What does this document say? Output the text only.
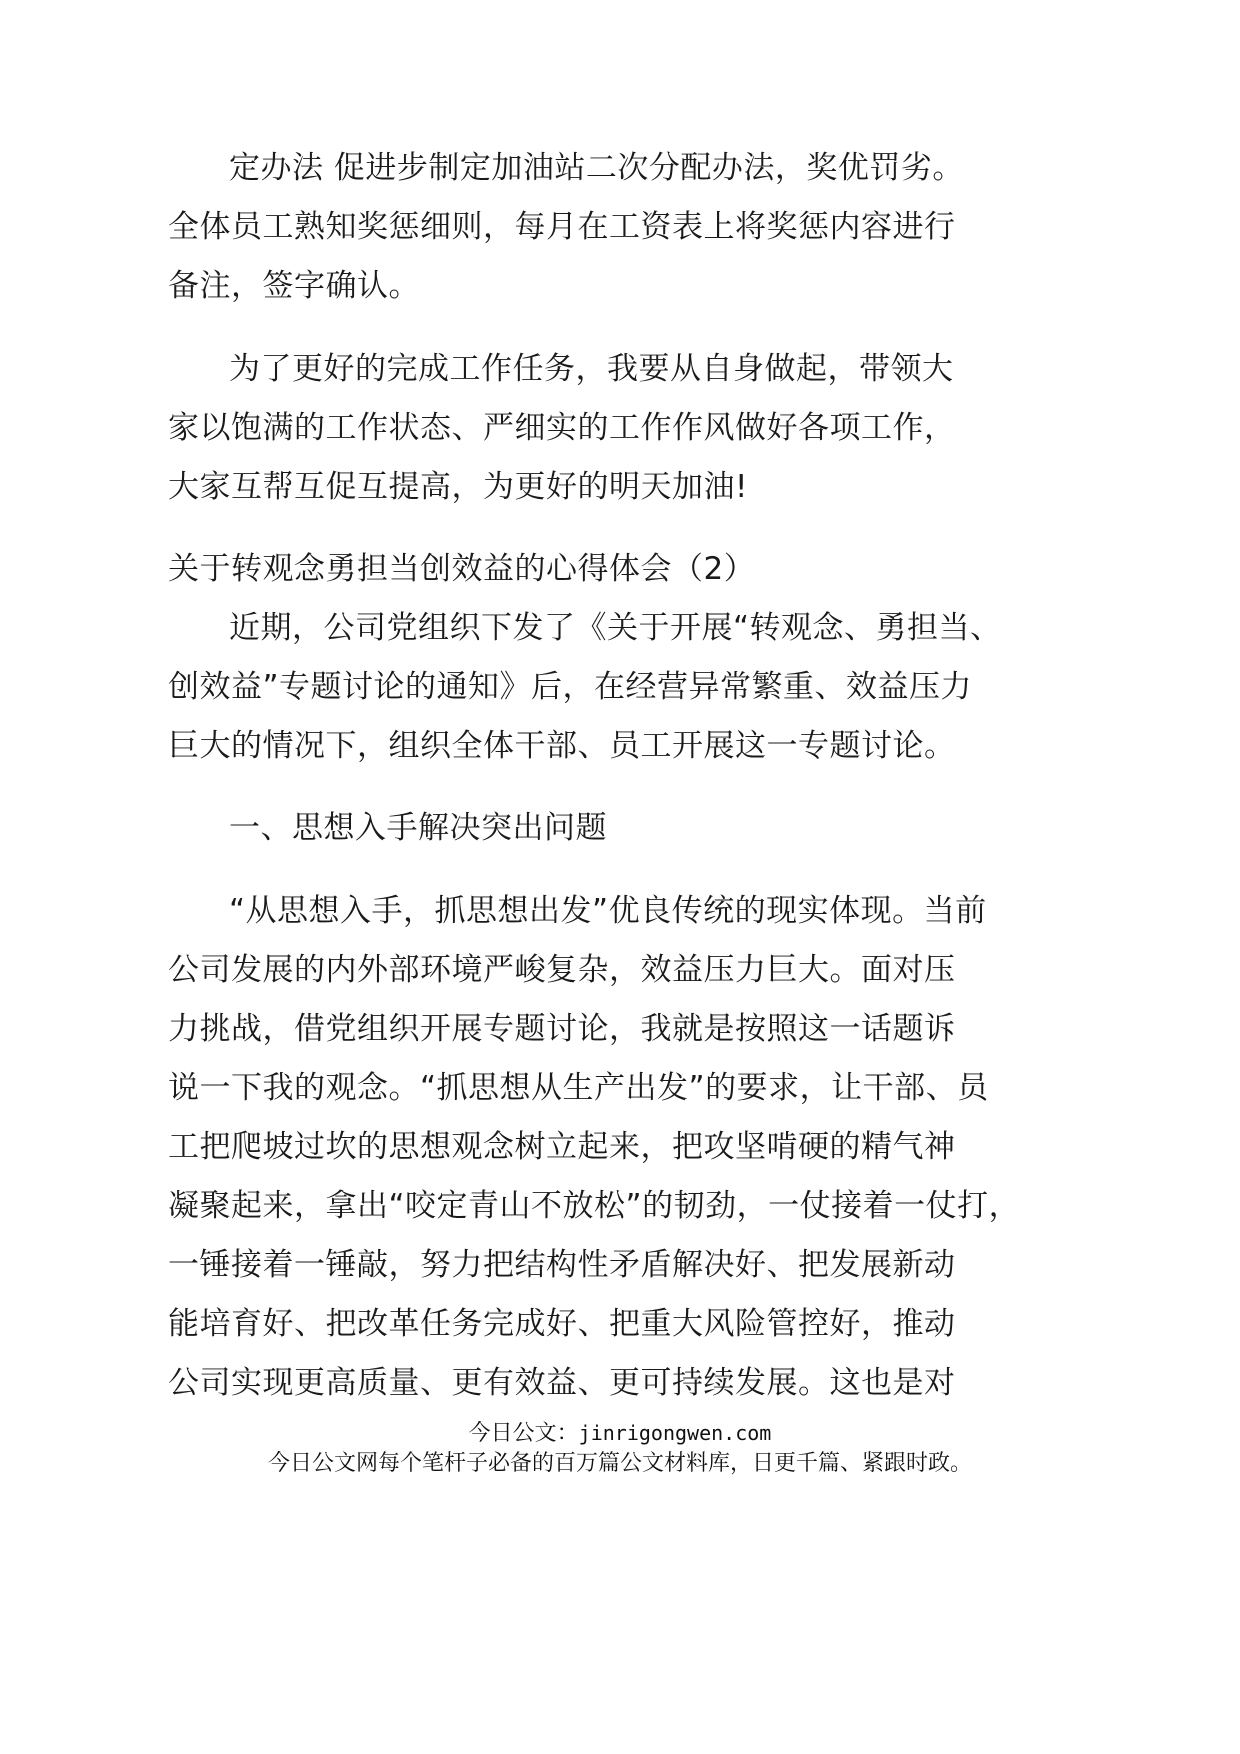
定办法 促进步制定加油站二次分配办法，奖优罚劣。
全体员工熟知奖惩细则，每月在工资表上将奖惩内容进行
备注，签字确认。
为了更好的完成工作任务，我要从自身做起，带领大
家以饱满的工作状态、严细实的工作作风做好各项工作，
大家互帮互促互提高，为更好的明天加油!
关于转观念勇担当创效益的心得体会（2）
近期，公司党组织下发了《关于开展“转观念、勇担当、
创效益”专题讨论的通知》后，在经营异常繁重、效益压力
巨大的情况下，组织全体干部、员工开展这一专题讨论。
一、思想入手解决突出问题
“从思想入手，抓思想出发”优良传统的现实体现。当前
公司发展的内外部环境严峻复杂，效益压力巨大。面对压
力挑战，借党组织开展专题讨论，我就是按照这一话题诉
说一下我的观念。“抓思想从生产出发”的要求，让干部、员
工把爬坡过坎的思想观念树立起来，把攻坚啃硬的精气神
凝聚起来，拿出“咬定青山不放松”的韧劲，一仗接着一仗打，
一锤接着一锤敲，努力把结构性矛盾解决好、把发展新动
能培育好、把改革任务完成好、把重大风险管控好，推动
公司实现更高质量、更有效益、更可持续发展。这也是对
今日公文：jinrigongwen.com
今日公文网每个笔杆子必备的百万篇公文材料库，日更千篇、紧跟时政。
